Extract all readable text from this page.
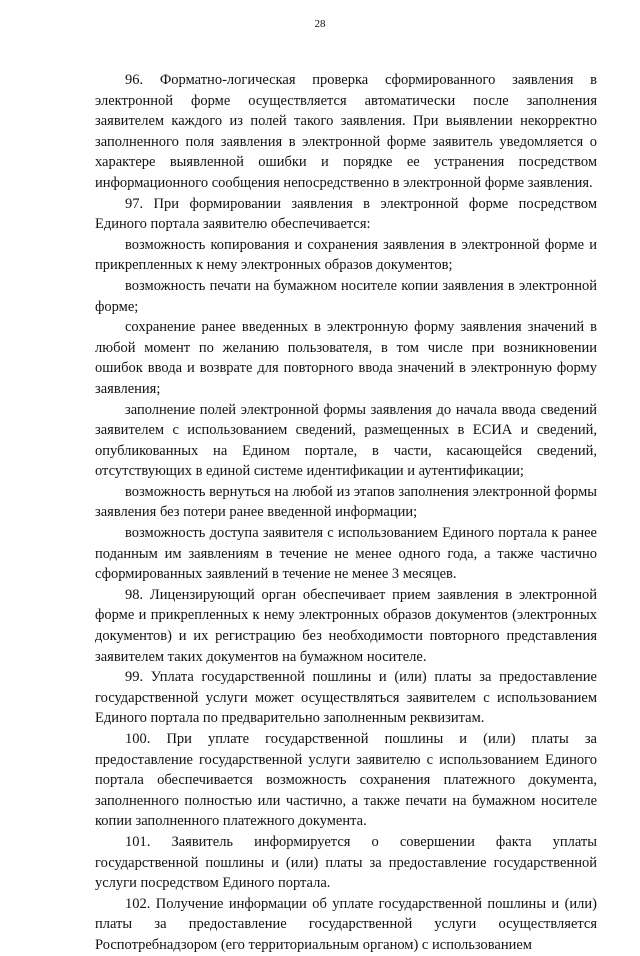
28

96. Форматно-логическая проверка сформированного заявления в электронной форме осуществляется автоматически после заполнения заявителем каждого из полей такого заявления. При выявлении некорректно заполненного поля заявления в электронной форме заявитель уведомляется о характере выявленной ошибки и порядке ее устранения посредством информационного сообщения непосредственно в электронной форме заявления.

97. При формировании заявления в электронной форме посредством Единого портала заявителю обеспечивается:

возможность копирования и сохранения заявления в электронной форме и прикрепленных к нему электронных образов документов;

возможность печати на бумажном носителе копии заявления в электронной форме;

сохранение ранее введенных в электронную форму заявления значений в любой момент по желанию пользователя, в том числе при возникновении ошибок ввода и возврате для повторного ввода значений в электронную форму заявления;

заполнение полей электронной формы заявления до начала ввода сведений заявителем с использованием сведений, размещенных в ЕСИА и сведений, опубликованных на Едином портале, в части, касающейся сведений, отсутствующих в единой системе идентификации и аутентификации;

возможность вернуться на любой из этапов заполнения электронной формы заявления без потери ранее введенной информации;

возможность доступа заявителя с использованием Единого портала к ранее поданным им заявлениям в течение не менее одного года, а также частично сформированных заявлений в течение не менее 3 месяцев.

98. Лицензирующий орган обеспечивает прием заявления в электронной форме и прикрепленных к нему электронных образов документов (электронных документов) и их регистрацию без необходимости повторного представления заявителем таких документов на бумажном носителе.

99. Уплата государственной пошлины и (или) платы за предоставление государственной услуги может осуществляться заявителем с использованием Единого портала по предварительно заполненным реквизитам.

100. При уплате государственной пошлины и (или) платы за предоставление государственной услуги заявителю с использованием Единого портала обеспечивается возможность сохранения платежного документа, заполненного полностью или частично, а также печати на бумажном носителе копии заполненного платежного документа.

101. Заявитель информируется о совершении факта уплаты государственной пошлины и (или) платы за предоставление государственной услуги посредством Единого портала.

102. Получение информации об уплате государственной пошлины и (или) платы за предоставление государственной услуги осуществляется Роспотребнадзором (его территориальным органом) с использованием
